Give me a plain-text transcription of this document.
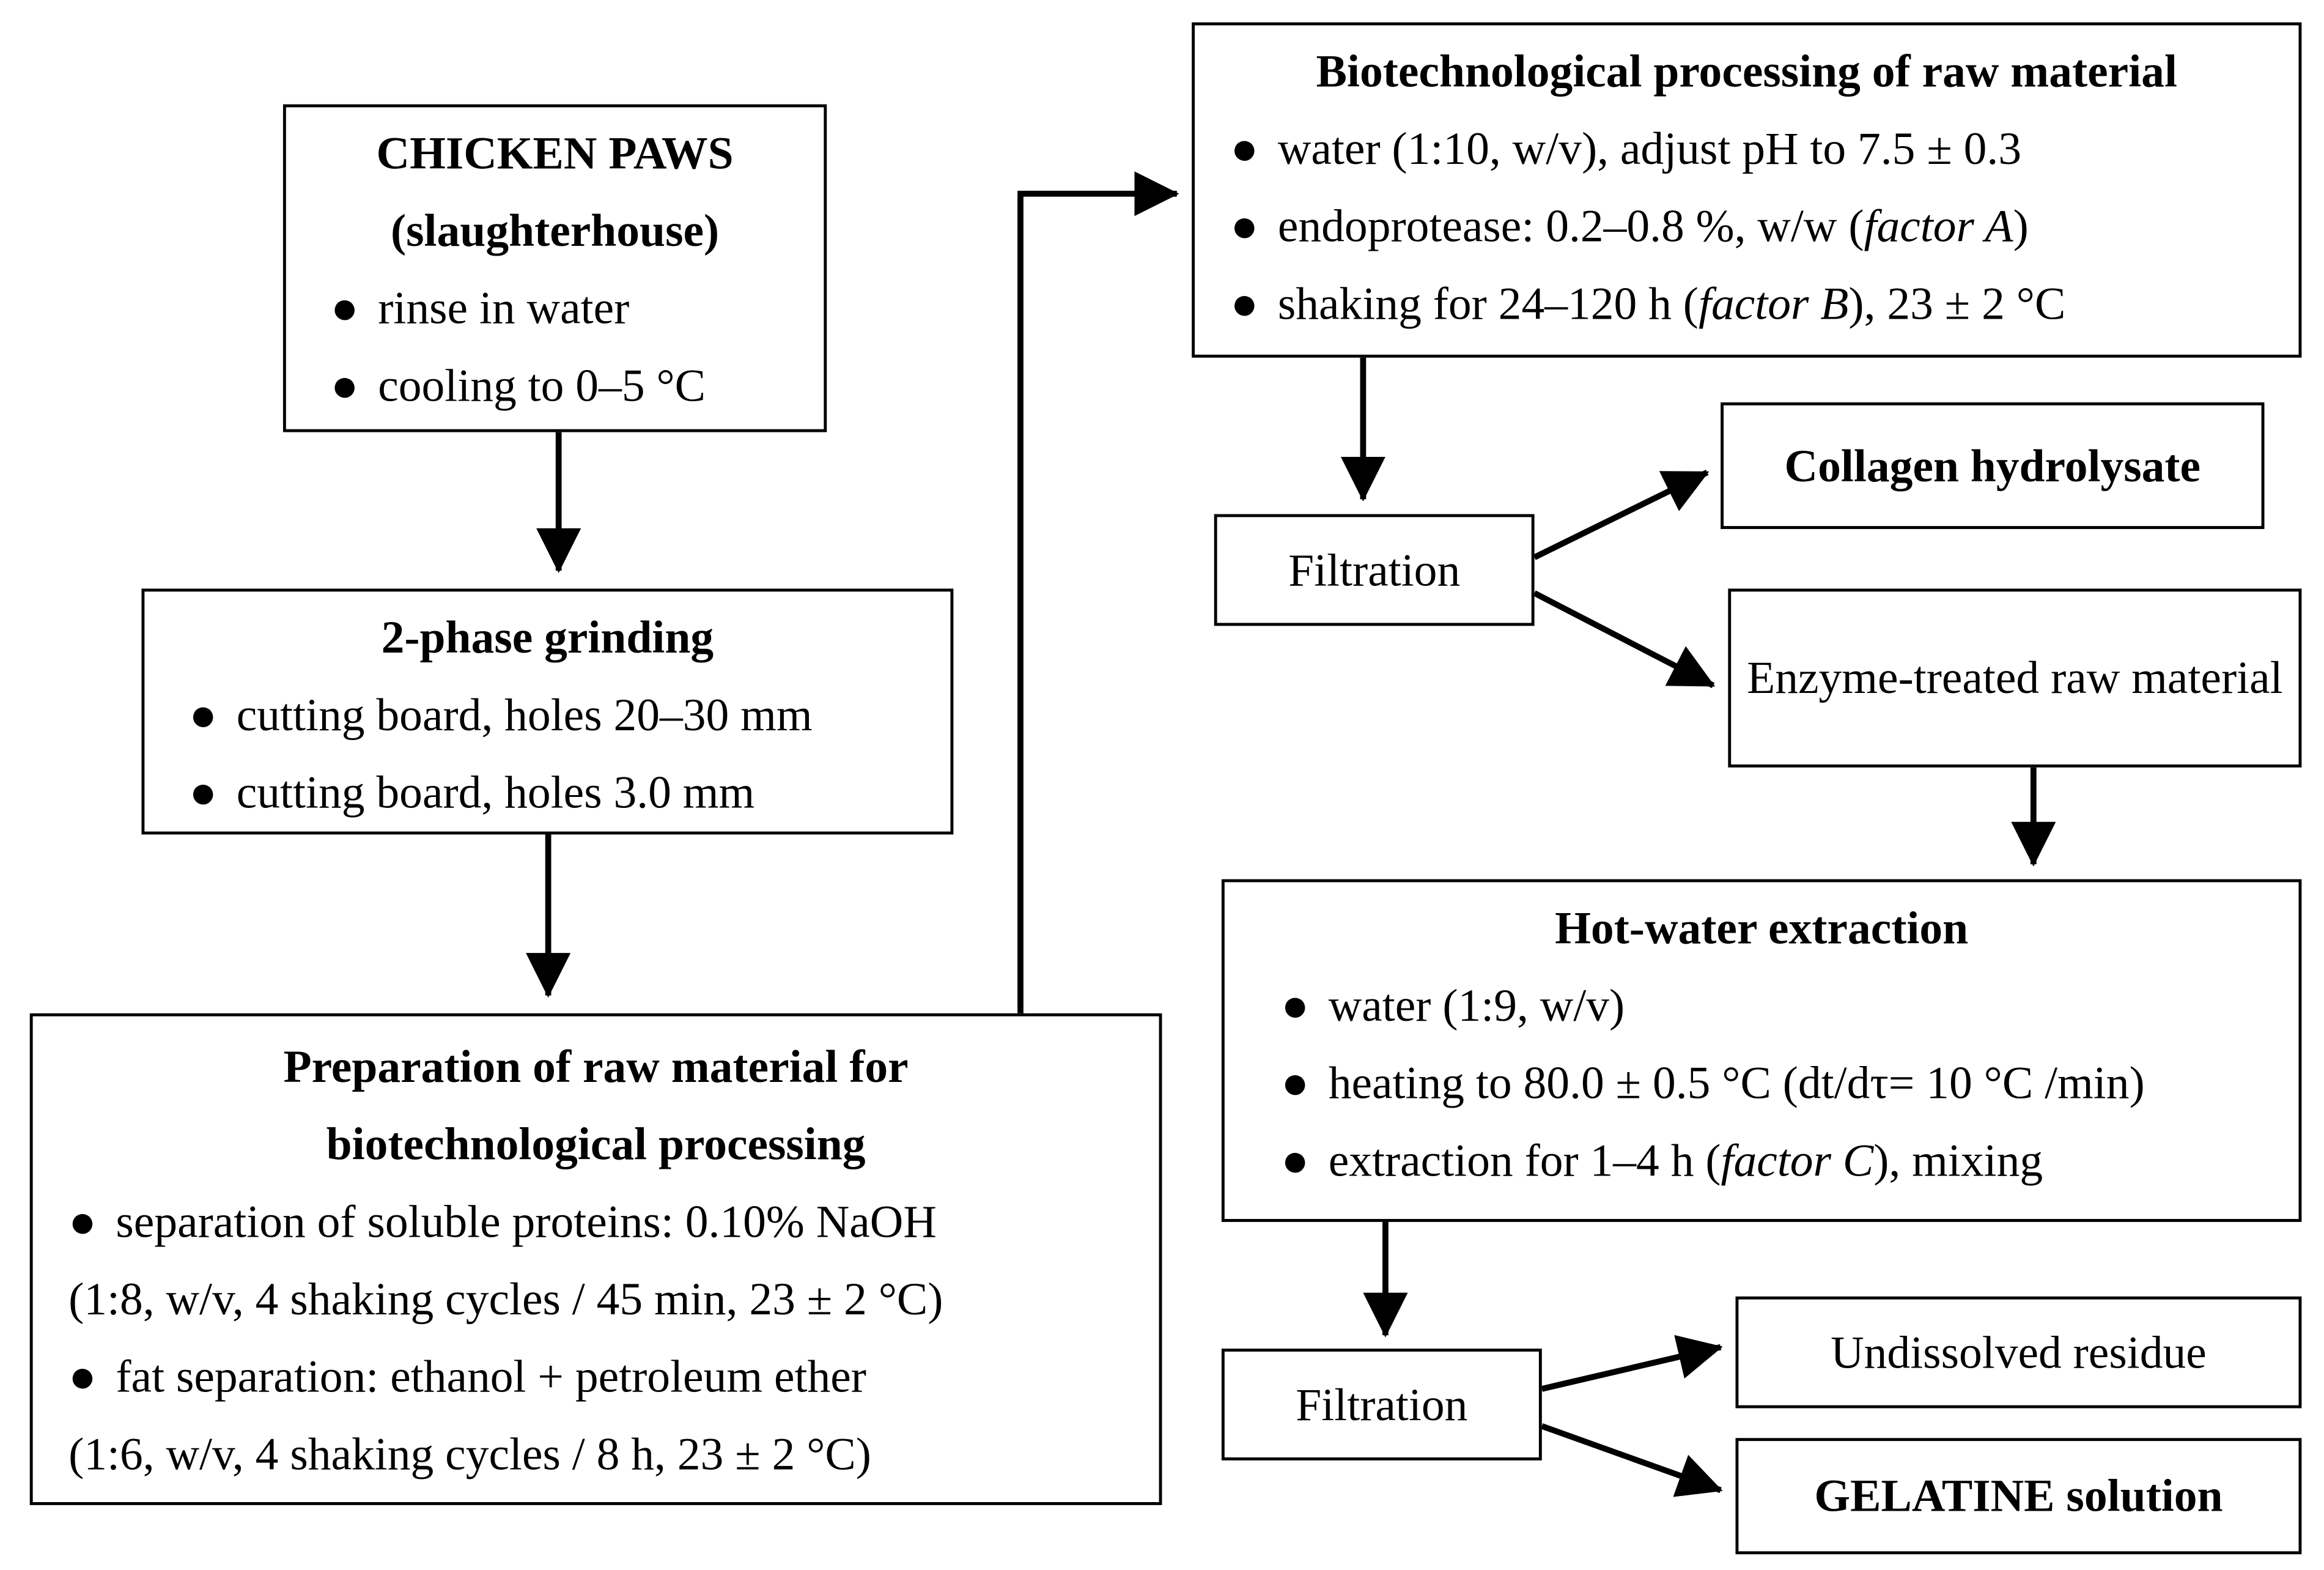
CHICKEN PAWS
(slaughterhouse)
● rinse in water
● cooling to 0–5 °C
2-phase grinding
● cutting board, holes 20–30 mm
● cutting board, holes 3.0 mm
Preparation of raw material for
biotechnological processing
● separation of soluble proteins: 0.10% NaOH
(1:8, w/v, 4 shaking cycles / 45 min, 23 ± 2 °C)
● fat separation: ethanol + petroleum ether
(1:6, w/v, 4 shaking cycles / 8 h, 23 ± 2 °C)
Biotechnological processing of raw material
● water (1:10, w/v), adjust pH to 7.5 ± 0.3
● endoprotease: 0.2–0.8 %, w/w (factor A)
● shaking for 24–120 h (factor B), 23 ± 2 °C
Filtration
Collagen hydrolysate
Enzyme-treated raw material
Hot-water extraction
● water (1:9, w/v)
● heating to 80.0 ± 0.5 °C (dt/dτ= 10 °C /min)
● extraction for 1–4 h (factor C), mixing
Filtration
Undissolved residue
GELATINE solution
